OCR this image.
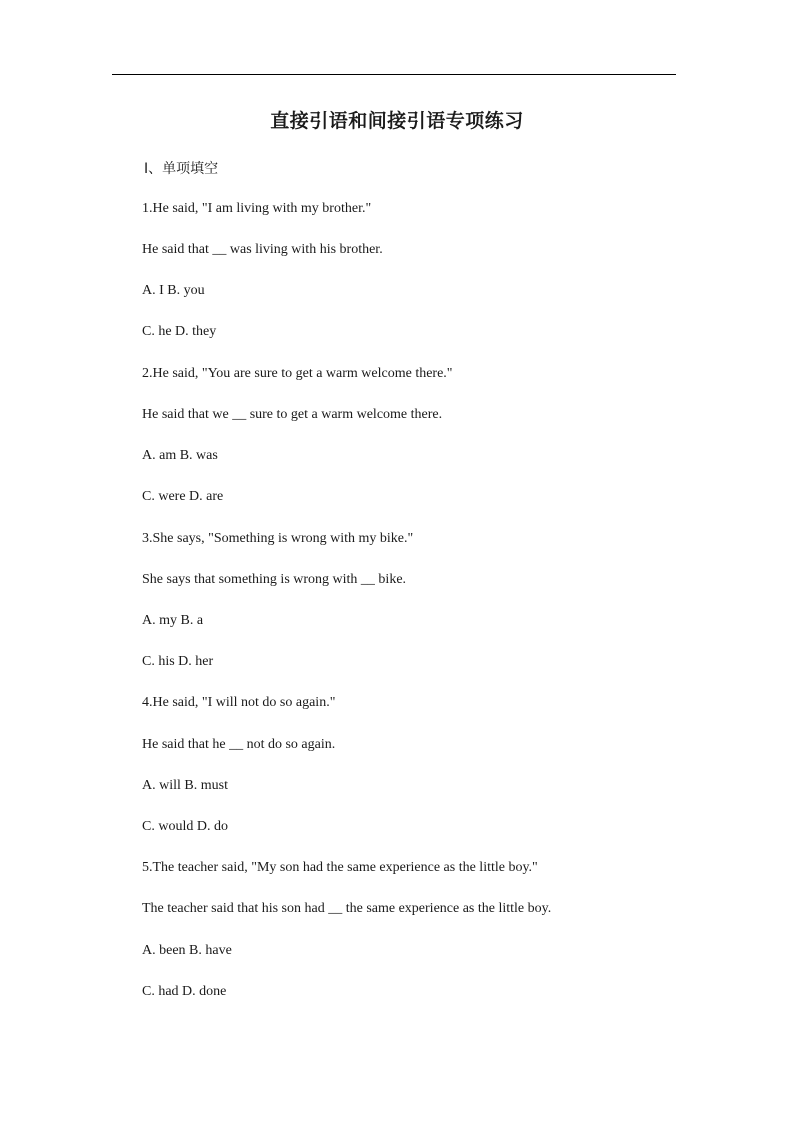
直接引语和间接引语专项练习
Ⅰ、单项填空
1.He said, "I am living with my brother."
He said that __ was living with his brother.
A. I B. you
C. he D. they
2.He said, "You are sure to get a warm welcome there."
He said that we __ sure to get a warm welcome there.
A. am B. was
C. were D. are
3.She says, "Something is wrong with my bike."
She says that something is wrong with __ bike.
A. my B. a
C. his D. her
4.He said, "I will not do so again."
He said that he __ not do so again.
A. will B. must
C. would D. do
5.The teacher said, "My son had the same experience as the little boy."
The teacher said that his son had __ the same experience as the little boy.
A. been B. have
C. had D. done
